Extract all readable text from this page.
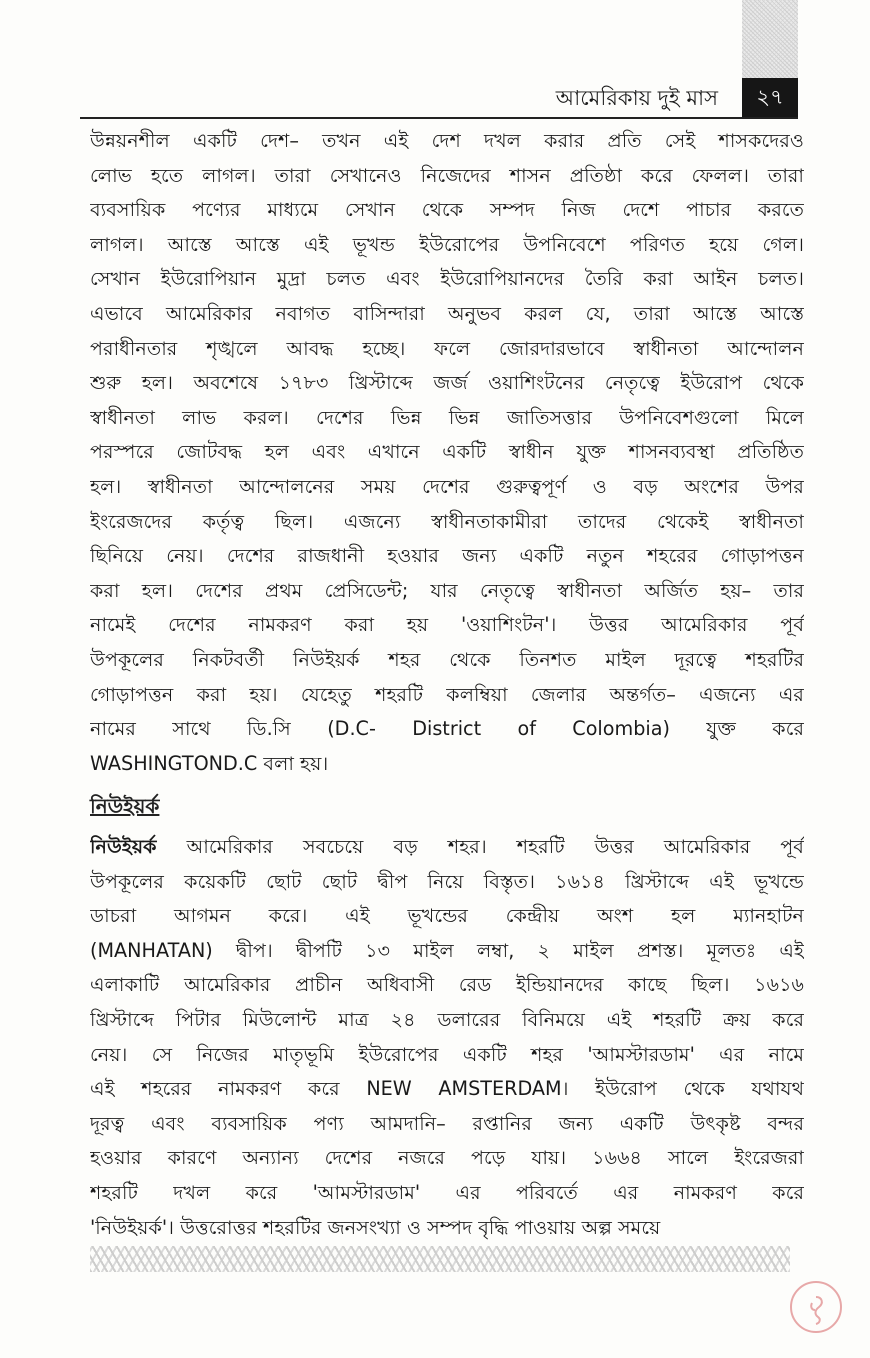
আমেরিকায় দুই মাস	২৭
উন্নয়নশীল একটি দেশ– তখন এই দেশ দখল করার প্রতি সেই শাসকদেরও
লোভ হতে লাগল। তারা সেখানেও নিজেদের শাসন প্রতিষ্ঠা করে ফেলল। তারা
ব্যবসায়িক পণ্যের মাধ্যমে সেখান থেকে সম্পদ নিজ দেশে পাচার করতে
লাগল। আস্তে আস্তে এই ভূখন্ড ইউরোপের উপনিবেশে পরিণত হয়ে গেল।
সেখান ইউরোপিয়ান মুদ্রা চলত এবং ইউরোপিয়ানদের তৈরি করা আইন চলত।
এভাবে আমেরিকার নবাগত বাসিন্দারা অনুভব করল যে, তারা আস্তে আস্তে
পরাধীনতার শৃঙ্খলে আবদ্ধ হচ্ছে। ফলে জোরদারভাবে স্বাধীনতা আন্দোলন
শুরু হল। অবশেষে ১৭৮৩ খ্রিস্টাব্দে জর্জ ওয়াশিংটনের নেতৃত্বে ইউরোপ থেকে
স্বাধীনতা লাভ করল। দেশের ভিন্ন ভিন্ন জাতিসত্তার উপনিবেশগুলো মিলে
পরস্পরে জোটবদ্ধ হল এবং এখানে একটি স্বাধীন যুক্ত শাসনব্যবস্থা প্রতিষ্ঠিত
হল। স্বাধীনতা আন্দোলনের সময় দেশের গুরুত্বপূর্ণ ও বড় অংশের উপর
ইংরেজদের কর্তৃত্ব ছিল। এজন্যে স্বাধীনতাকামীরা তাদের থেকেই স্বাধীনতা
ছিনিয়ে নেয়। দেশের রাজধানী হওয়ার জন্য একটি নতুন শহরের গোড়াপত্তন
করা হল। দেশের প্রথম প্রেসিডেন্ট; যার নেতৃত্বে স্বাধীনতা অর্জিত হয়– তার
নামেই দেশের নামকরণ করা হয় 'ওয়াশিংটন'। উত্তর আমেরিকার পূর্ব
উপকূলের নিকটবর্তী নিউইয়র্ক শহর থেকে তিনশত মাইল দূরত্বে শহরটির
গোড়াপত্তন করা হয়। যেহেতু শহরটি কলম্বিয়া জেলার অন্তর্গত– এজন্যে এর
নামের সাথে ডি.সি (D.C- District of Colombia) যুক্ত করে
WASHINGTOND.C বলা হয়।
নিউইয়র্ক
নিউইয়র্ক আমেরিকার সবচেয়ে বড় শহর। শহরটি উত্তর আমেরিকার পূর্ব
উপকূলের কয়েকটি ছোট ছোট দ্বীপ নিয়ে বিস্তৃত। ১৬১৪ খ্রিস্টাব্দে এই ভূখন্ডে
ডাচরা আগমন করে। এই ভূখন্ডের কেন্দ্রীয় অংশ হল ম্যানহাটন
(MANHATAN) দ্বীপ। দ্বীপটি ১৩ মাইল লম্বা, ২ মাইল প্রশস্ত। মূলতঃ এই
এলাকাটি আমেরিকার প্রাচীন অধিবাসী রেড ইন্ডিয়ানদের কাছে ছিল। ১৬১৬
খ্রিস্টাব্দে পিটার মিউলোন্ট মাত্র ২৪ ডলারের বিনিময়ে এই শহরটি ক্রয় করে
নেয়। সে নিজের মাতৃভূমি ইউরোপের একটি শহর 'আমস্টারডাম' এর নামে
এই শহরের নামকরণ করে NEW AMSTERDAM। ইউরোপ থেকে যথাযথ
দূরত্ব এবং ব্যবসায়িক পণ্য আমদানি– রপ্তানির জন্য একটি উৎকৃষ্ট বন্দর
হওয়ার কারণে অন্যান্য দেশের নজরে পড়ে যায়। ১৬৬৪ সালে ইংরেজরা
শহরটি দখল করে 'আমস্টারডাম' এর পরিবর্তে এর নামকরণ করে
'নিউইয়র্ক'। উত্তরোত্তর শহরটির জনসংখ্যা ও সম্পদ বৃদ্ধি পাওয়ায় অল্প সময়ে
